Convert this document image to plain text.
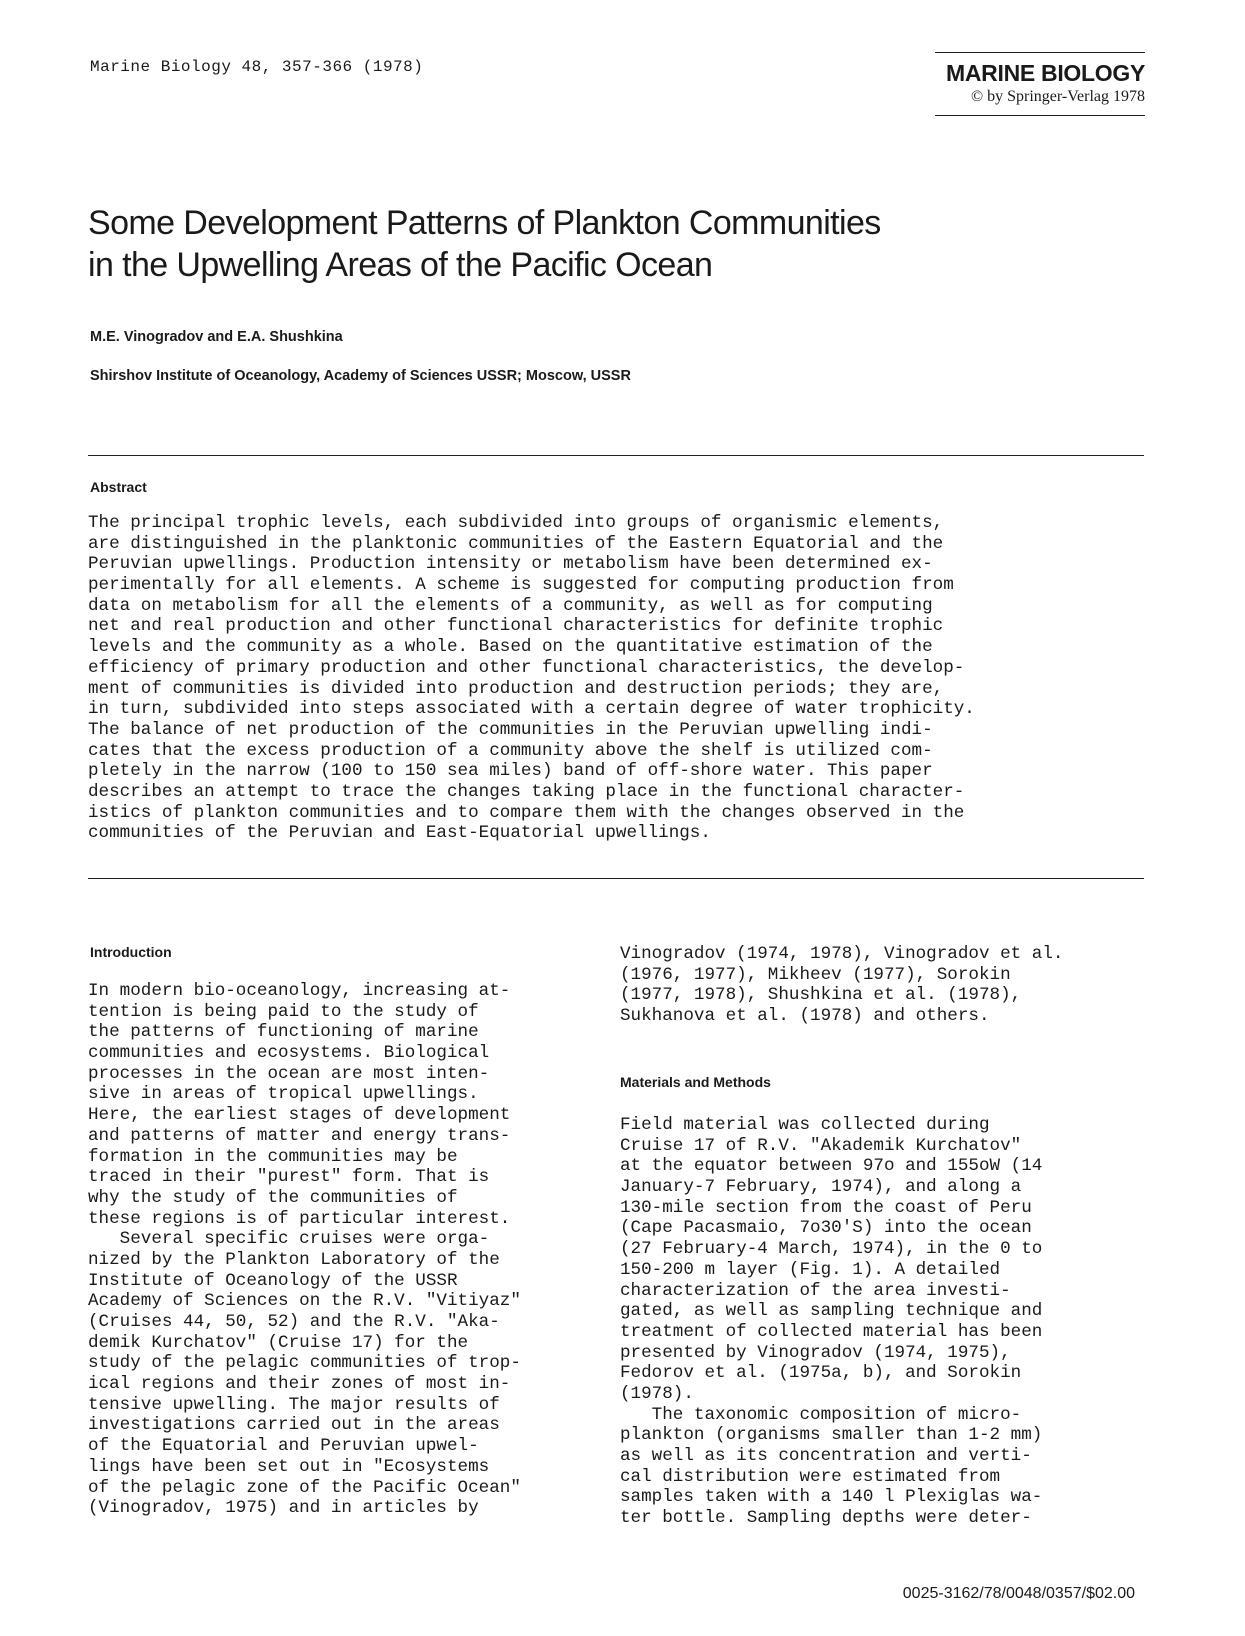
Marine Biology 48, 357-366 (1978)	MARINE BIOLOGY
© by Springer-Verlag 1978
Some Development Patterns of Plankton Communities
in the Upwelling Areas of the Pacific Ocean
M.E. Vinogradov and E.A. Shushkina
Shirshov Institute of Oceanology, Academy of Sciences USSR; Moscow, USSR
Abstract
The principal trophic levels, each subdivided into groups of organismic elements,
are distinguished in the planktonic communities of the Eastern Equatorial and the
Peruvian upwellings. Production intensity or metabolism have been determined ex-
perimentally for all elements. A scheme is suggested for computing production from
data on metabolism for all the elements of a community, as well as for computing
net and real production and other functional characteristics for definite trophic
levels and the community as a whole. Based on the quantitative estimation of the
efficiency of primary production and other functional characteristics, the develop-
ment of communities is divided into production and destruction periods; they are,
in turn, subdivided into steps associated with a certain degree of water trophicity.
The balance of net production of the communities in the Peruvian upwelling indi-
cates that the excess production of a community above the shelf is utilized com-
pletely in the narrow (100 to 150 sea miles) band of off-shore water. This paper
describes an attempt to trace the changes taking place in the functional character-
istics of plankton communities and to compare them with the changes observed in the
communities of the Peruvian and East-Equatorial upwellings.
Introduction
In modern bio-oceanology, increasing at-
tention is being paid to the study of
the patterns of functioning of marine
communities and ecosystems. Biological
processes in the ocean are most inten-
sive in areas of tropical upwellings.
Here, the earliest stages of development
and patterns of matter and energy trans-
formation in the communities may be
traced in their "purest" form. That is
why the study of the communities of
these regions is of particular interest.
Several specific cruises were orga-
nized by the Plankton Laboratory of the
Institute of Oceanology of the USSR
Academy of Sciences on the R.V. "Vitiyaz"
(Cruises 44, 50, 52) and the R.V. "Aka-
demik Kurchatov" (Cruise 17) for the
study of the pelagic communities of trop-
ical regions and their zones of most in-
tensive upwelling. The major results of
investigations carried out in the areas
of the Equatorial and Peruvian upwel-
lings have been set out in "Ecosystems
of the pelagic zone of the Pacific Ocean"
(Vinogradov, 1975) and in articles by
Vinogradov (1974, 1978), Vinogradov et al.
(1976, 1977), Mikheev (1977), Sorokin
(1977, 1978), Shushkina et al. (1978),
Sukhanova et al. (1978) and others.
Materials and Methods
Field material was collected during
Cruise 17 of R.V. "Akademik Kurchatov"
at the equator between 97o and 155oW (14
January-7 February, 1974), and along a
130-mile section from the coast of Peru
(Cape Pacasmaio, 7o30'S) into the ocean
(27 February-4 March, 1974), in the 0 to
150-200 m layer (Fig. 1). A detailed
characterization of the area investi-
gated, as well as sampling technique and
treatment of collected material has been
presented by Vinogradov (1974, 1975),
Fedorov et al. (1975a, b), and Sorokin
(1978).
The taxonomic composition of micro-
plankton (organisms smaller than 1-2 mm)
as well as its concentration and verti-
cal distribution were estimated from
samples taken with a 140 l Plexiglas wa-
ter bottle. Sampling depths were deter-
0025-3162/78/0048/0357/$02.00
